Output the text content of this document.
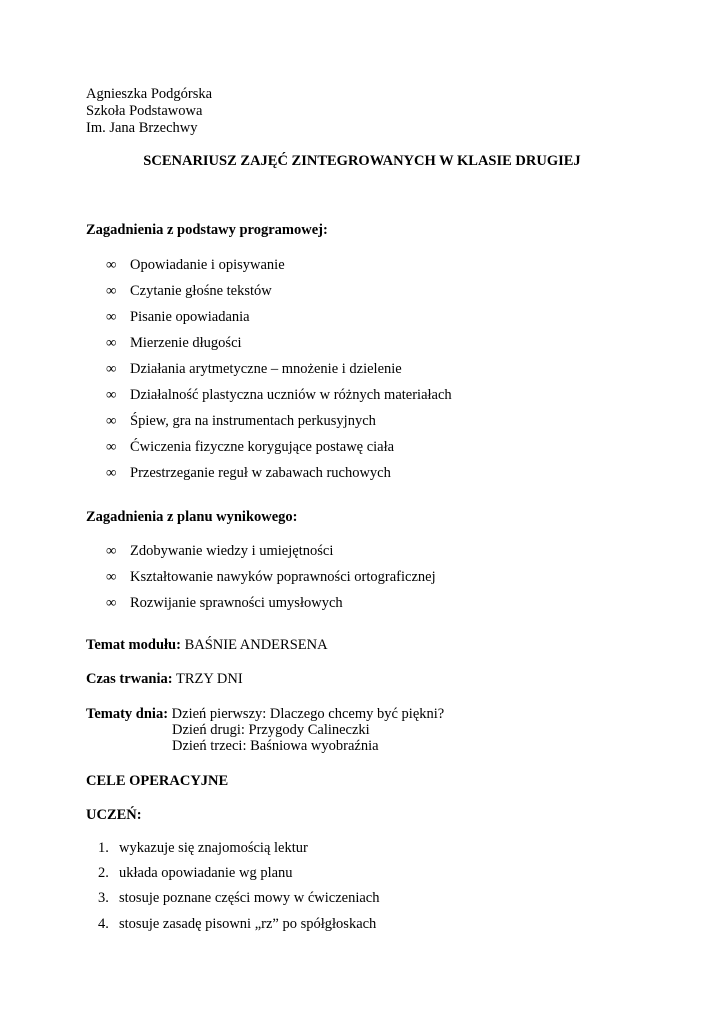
Agnieszka Podgórska
Szkoła Podstawowa
Im. Jana Brzechwy
SCENARIUSZ ZAJĘĆ ZINTEGROWANYCH W KLASIE DRUGIEJ
Zagadnienia z podstawy programowej:
∞ Opowiadanie i opisywanie
∞ Czytanie głośne tekstów
∞ Pisanie opowiadania
∞ Mierzenie długości
∞ Działania arytmetyczne – mnożenie i dzielenie
∞ Działalność plastyczna uczniów w różnych materiałach
∞ Śpiew, gra na instrumentach perkusyjnych
∞ Ćwiczenia fizyczne korygujące postawę ciała
∞ Przestrzeganie reguł w zabawach ruchowych
Zagadnienia z planu wynikowego:
∞ Zdobywanie wiedzy i umiejętności
∞ Kształtowanie nawyków poprawności ortograficznej
∞ Rozwijanie sprawności umysłowych
Temat modułu: BAŚNIE ANDERSENA
Czas trwania: TRZY DNI
Tematy dnia: Dzień pierwszy: Dlaczego chcemy być piękni?
Dzień drugi: Przygody Calineczki
Dzień trzeci: Baśniowa wyobraźnia
CELE OPERACYJNE
UCZEŃ:
1. wykazuje się znajomością lektur
2. układa opowiadanie wg planu
3. stosuje poznane części mowy w ćwiczeniach
4. stosuje zasadę pisowni „rz” po spółgłoskach
